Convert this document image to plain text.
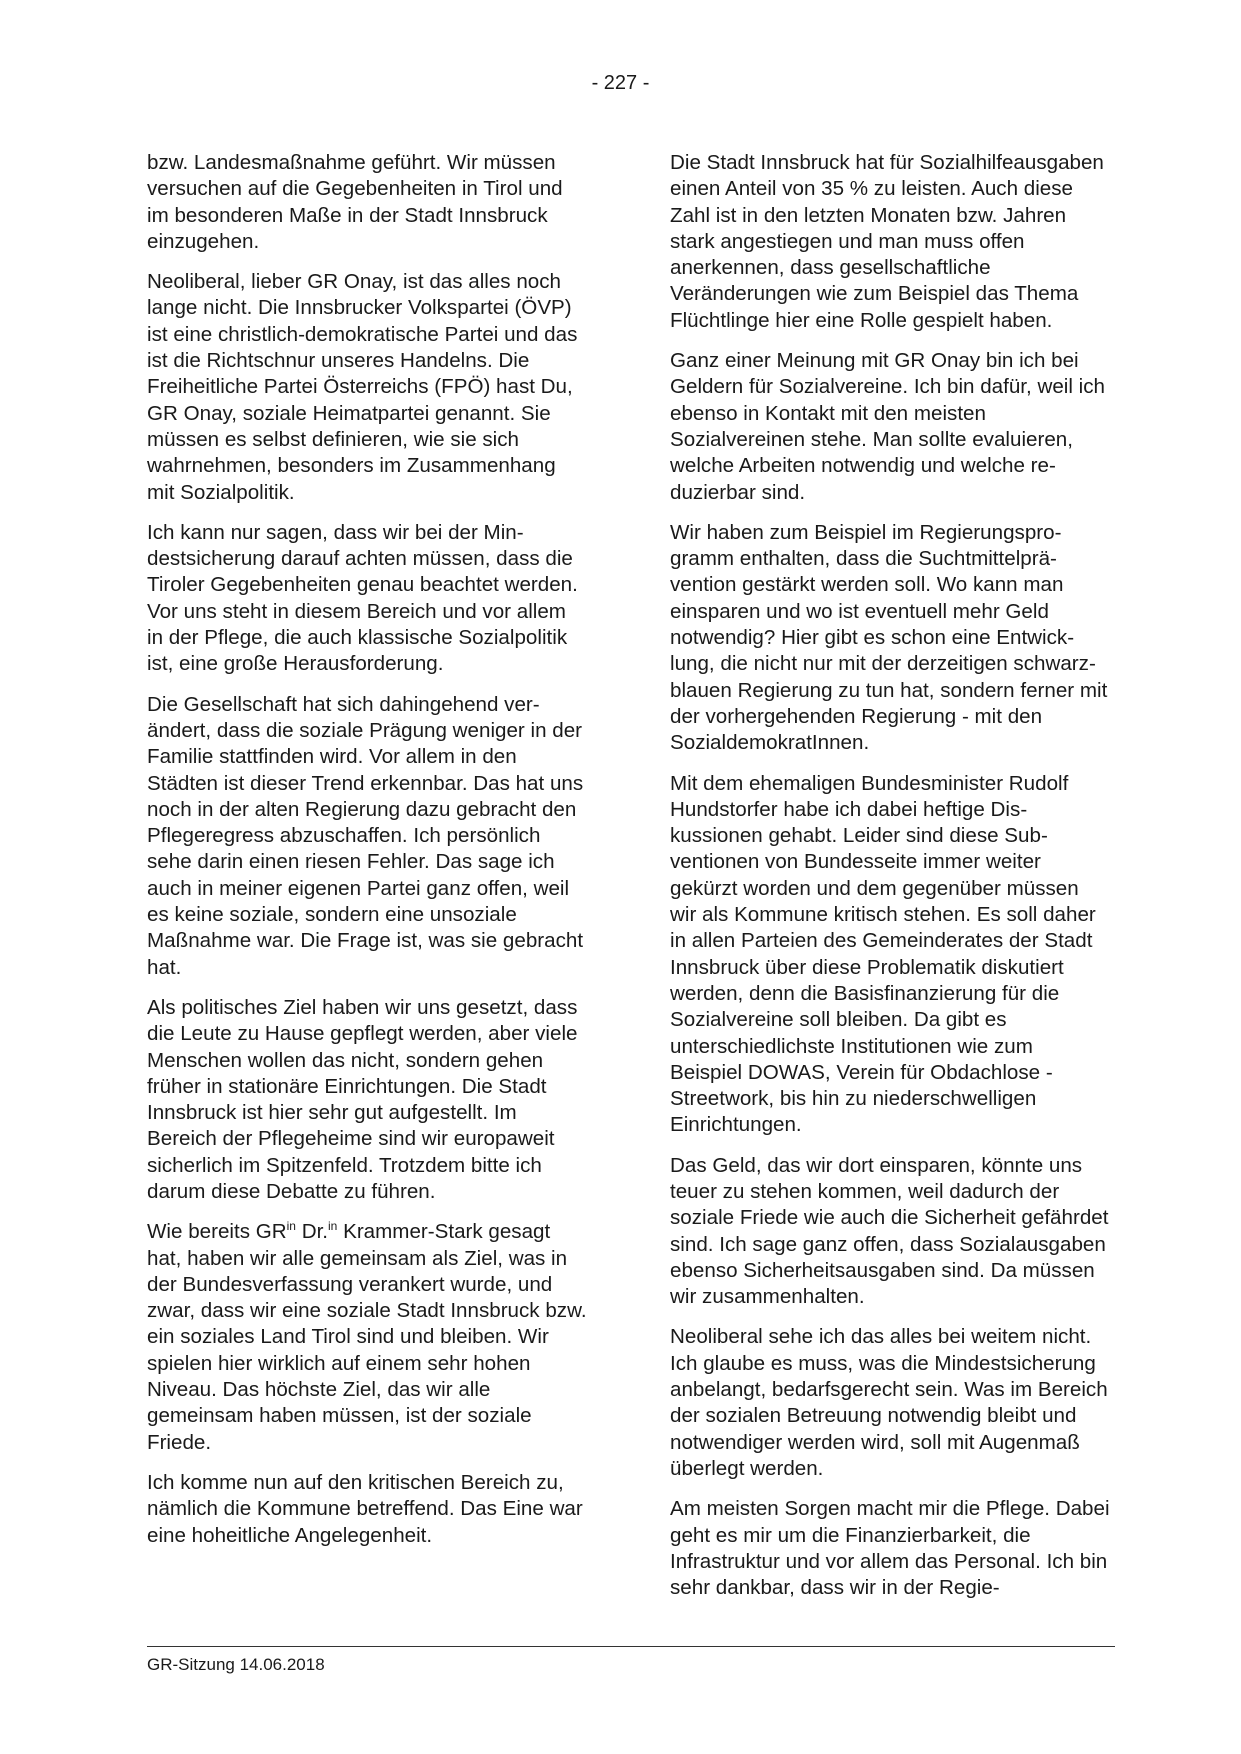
- 227 -

bzw. Landesmaßnahme geführt. Wir müssen versuchen auf die Gegebenheiten in Tirol und im besonderen Maße in der Stadt Innsbruck einzugehen.

Neoliberal, lieber GR Onay, ist das alles noch lange nicht. Die Innsbrucker Volkspartei (ÖVP) ist eine christlich-demokratische Partei und das ist die Richtschnur unseres Handelns. Die Freiheitliche Partei Österreichs (FPÖ) hast Du, GR Onay, soziale Heimatpartei genannt. Sie müssen es selbst definieren, wie sie sich wahrnehmen, besonders im Zusammenhang mit Sozialpolitik.

Ich kann nur sagen, dass wir bei der Mindestsicherung darauf achten müssen, dass die Tiroler Gegebenheiten genau beachtet werden. Vor uns steht in diesem Bereich und vor allem in der Pflege, die auch klassische Sozialpolitik ist, eine große Herausforderung.

Die Gesellschaft hat sich dahingehend verändert, dass die soziale Prägung weniger in der Familie stattfinden wird. Vor allem in den Städten ist dieser Trend erkennbar. Das hat uns noch in der alten Regierung dazu gebracht den Pflegeregress abzuschaffen. Ich persönlich sehe darin einen riesen Fehler. Das sage ich auch in meiner eigenen Partei ganz offen, weil es keine soziale, sondern eine unsoziale Maßnahme war. Die Frage ist, was sie gebracht hat.

Als politisches Ziel haben wir uns gesetzt, dass die Leute zu Hause gepflegt werden, aber viele Menschen wollen das nicht, sondern gehen früher in stationäre Einrichtungen. Die Stadt Innsbruck ist hier sehr gut aufgestellt. Im Bereich der Pflegeheime sind wir europaweit sicherlich im Spitzenfeld. Trotzdem bitte ich darum diese Debatte zu führen.

Wie bereits $GR^{in}$ Dr.$^{in}$ Krammer-Stark gesagt hat, haben wir alle gemeinsam als Ziel, was in der Bundesverfassung verankert wurde, und zwar, dass wir eine soziale Stadt Innsbruck bzw. ein soziales Land Tirol sind und bleiben. Wir spielen hier wirklich auf einem sehr hohen Niveau. Das höchste Ziel, das wir alle gemeinsam haben müssen, ist der soziale Friede.

Ich komme nun auf den kritischen Bereich zu, nämlich die Kommune betreffend. Das Eine war eine hoheitliche Angelegenheit.

Die Stadt Innsbruck hat für Sozialhilfeausgaben einen Anteil von 35 % zu leisten. Auch diese Zahl ist in den letzten Monaten bzw. Jahren stark angestiegen und man muss offen anerkennen, dass gesellschaftliche Veränderungen wie zum Beispiel das Thema Flüchtlinge hier eine Rolle gespielt haben.

Ganz einer Meinung mit GR Onay bin ich bei Geldern für Sozialvereine. Ich bin dafür, weil ich ebenso in Kontakt mit den meisten Sozialvereinen stehe. Man sollte evaluieren, welche Arbeiten notwendig und welche reduzierbar sind.

Wir haben zum Beispiel im Regierungsprogramm enthalten, dass die Suchtmittelprävention gestärkt werden soll. Wo kann man einsparen und wo ist eventuell mehr Geld notwendig? Hier gibt es schon eine Entwicklung, die nicht nur mit der derzeitigen schwarz-blauen Regierung zu tun hat, sondern ferner mit der vorhergehenden Regierung - mit den SozialdemokratInnen.

Mit dem ehemaligen Bundesminister Rudolf Hundstorfer habe ich dabei heftige Diskussionen gehabt. Leider sind diese Subventionen von Bundesseite immer weiter gekürzt worden und dem gegenüber müssen wir als Kommune kritisch stehen. Es soll daher in allen Parteien des Gemeinderates der Stadt Innsbruck über diese Problematik diskutiert werden, denn die Basisfinanzierung für die Sozialvereine soll bleiben. Da gibt es unterschiedlichste Institutionen wie zum Beispiel DOWAS, Verein für Obdachlose - Streetwork, bis hin zu niederschwelligen Einrichtungen.

Das Geld, das wir dort einsparen, könnte uns teuer zu stehen kommen, weil dadurch der soziale Friede wie auch die Sicherheit gefährdet sind. Ich sage ganz offen, dass Sozialausgaben ebenso Sicherheitsausgaben sind. Da müssen wir zusammenhalten.

Neoliberal sehe ich das alles bei weitem nicht. Ich glaube es muss, was die Mindestsicherung anbelangt, bedarfsgerecht sein. Was im Bereich der sozialen Betreuung notwendig bleibt und notwendiger werden wird, soll mit Augenmaß überlegt werden.

Am meisten Sorgen macht mir die Pflege. Dabei geht es mir um die Finanzierbarkeit, die Infrastruktur und vor allem das Personal. Ich bin sehr dankbar, dass wir in der Regie-

GR-Sitzung 14.06.2018
